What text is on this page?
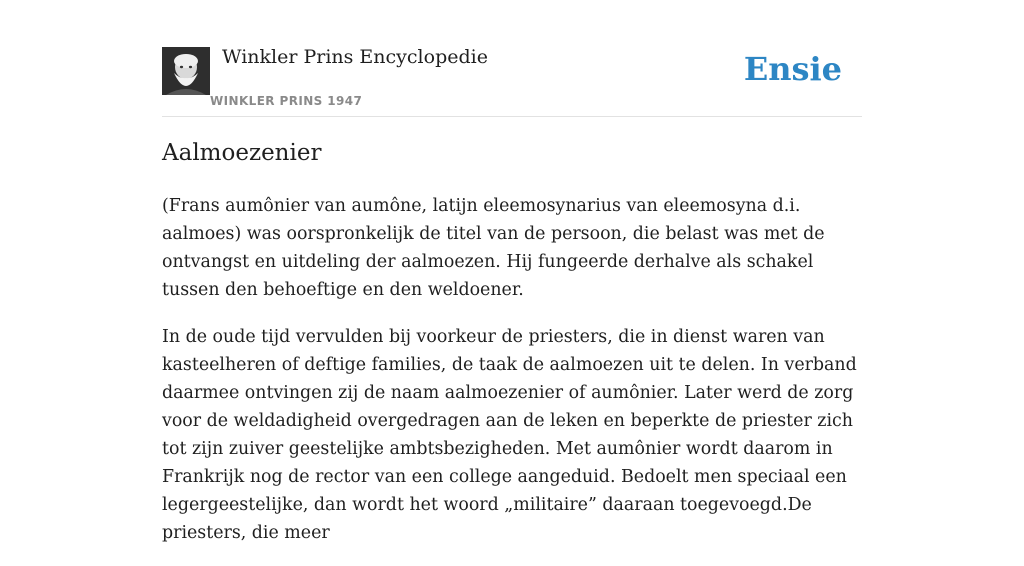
Winkler Prins Encyclopedie
WINKLER PRINS 1947
Ensie
Aalmoezenier

(Frans aumônier van aumône, latijn eleemosynarius van eleemosyna d.i. aalmoes) was oorspronkelijk de titel van de persoon, die belast was met de ontvangst en uitdeling der aalmoezen. Hij fungeerde derhalve als schakel tussen den behoeftige en den weldoener.

In de oude tijd vervulden bij voorkeur de priesters, die in dienst waren van kasteelheren of deftige families, de taak de aalmoezen uit te delen. In verband daarmee ontvingen zij de naam aalmoezenier of aumônier. Later werd de zorg voor de weldadigheid overgedragen aan de leken en beperkte de priester zich tot zijn zuiver geestelijke ambtsbezigheden. Met aumônier wordt daarom in Frankrijk nog de rector van een college aangeduid. Bedoelt men speciaal een legergeestelijke, dan wordt het woord „militaire” daaraan toegevoegd.De priesters, die meer
